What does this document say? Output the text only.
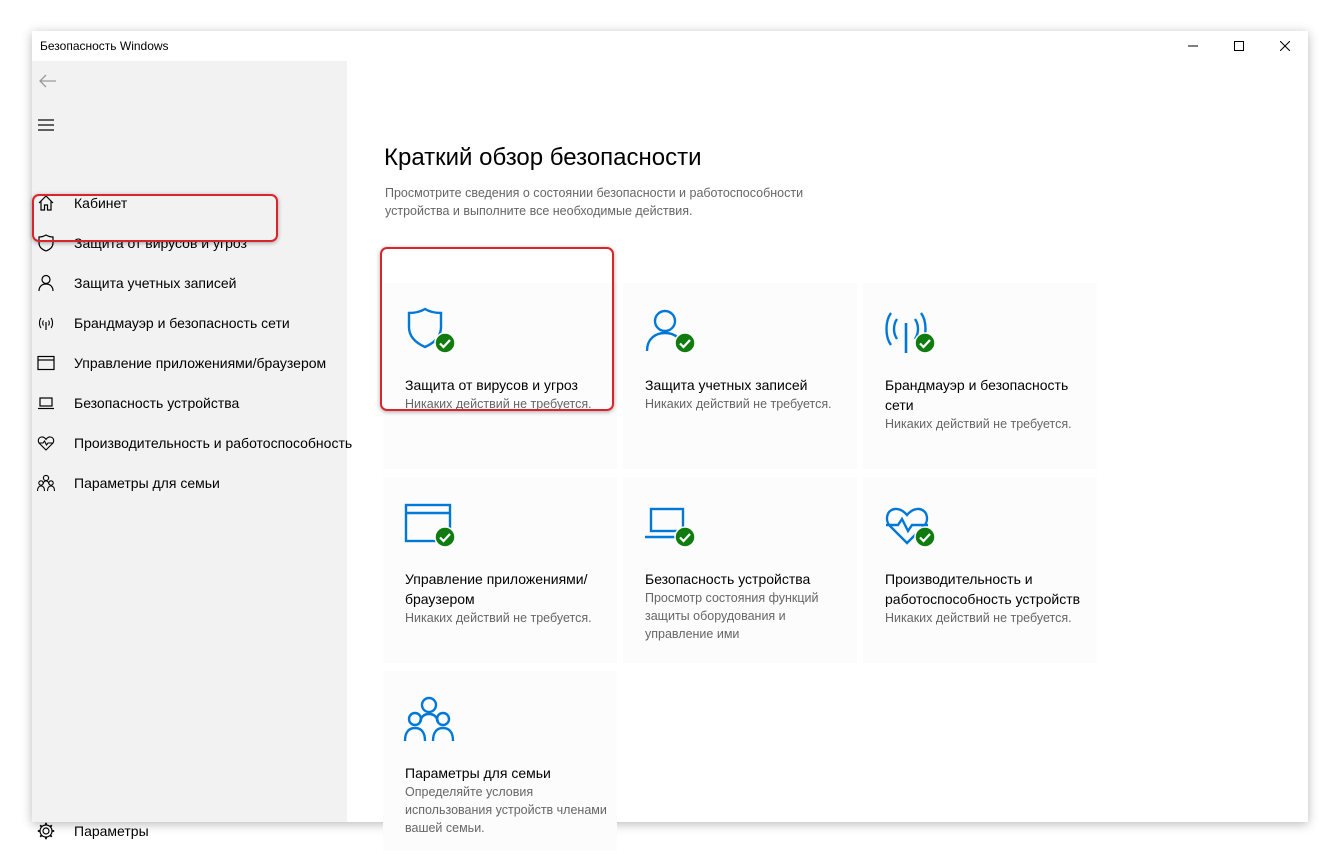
Безопасность Windows
Кабинет
Защита от вирусов и угроз
Защита учетных записей
Брандмауэр и безопасность сети
Управление приложениями/браузером
Безопасность устройства
Производительность и работоспособность
Параметры для семьи
Параметры
Краткий обзор безопасности
Просмотрите сведения о состоянии безопасности и работоспособности устройства и выполните все необходимые действия.
Защита от вирусов и угроз
Никаких действий не требуется.
Защита учетных записей
Никаких действий не требуется.
Брандмауэр и безопасность сети
Никаких действий не требуется.
Управление приложениями/браузером
Никаких действий не требуется.
Безопасность устройства
Просмотр состояния функций защиты оборудования и управление ими
Производительность и работоспособность устройств
Никаких действий не требуется.
Параметры для семьи
Определяйте условия использования устройств членами вашей семьи.
